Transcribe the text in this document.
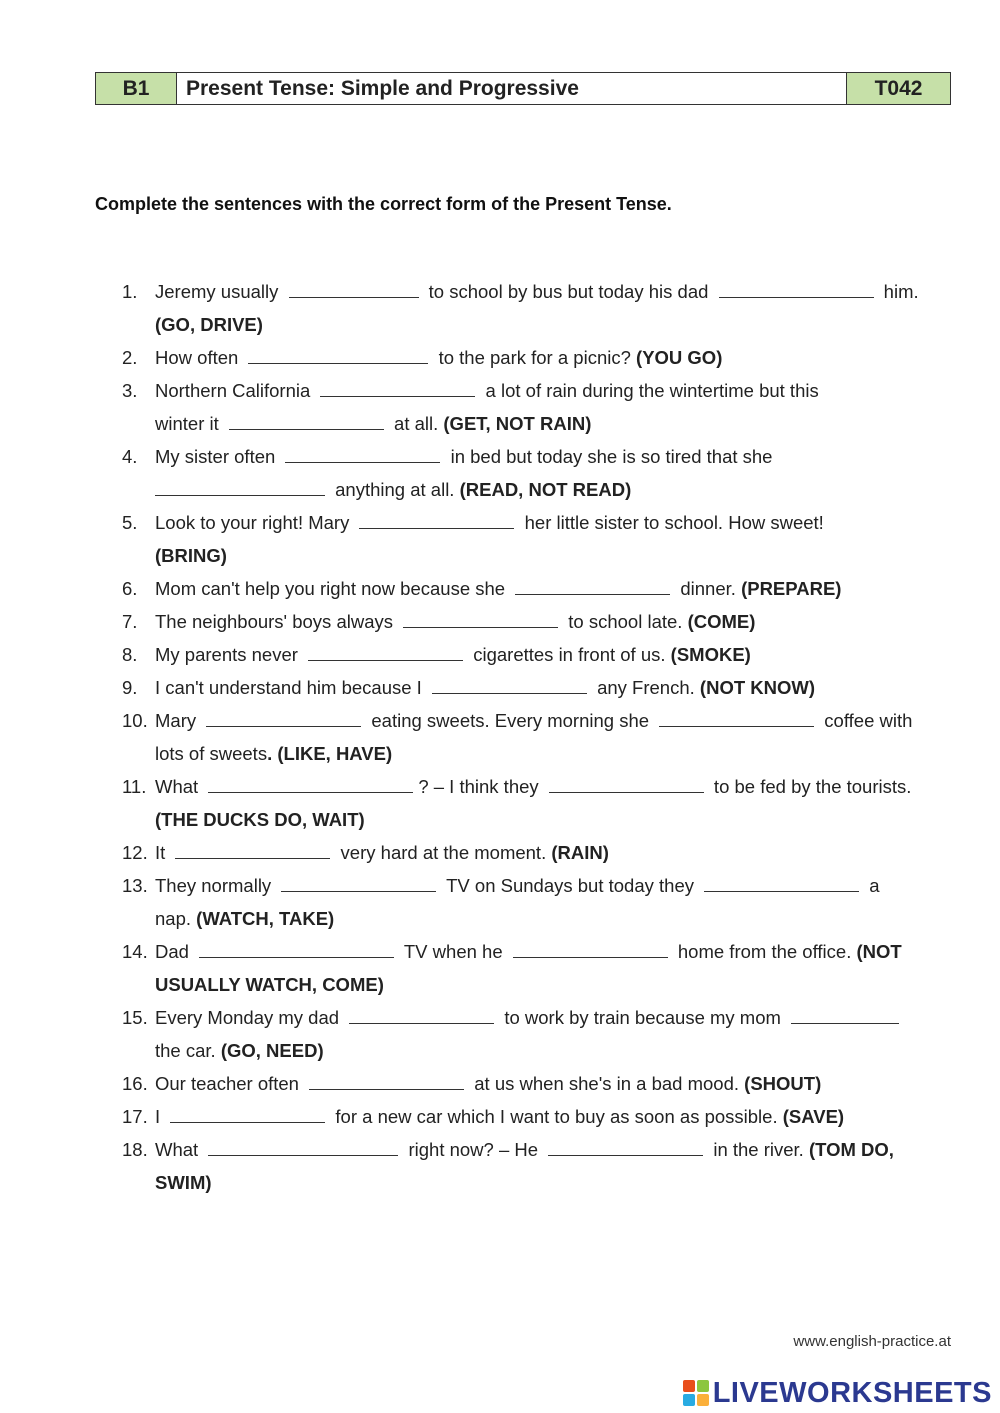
B1	Present Tense: Simple and Progressive	T042
Complete the sentences with the correct form of the Present Tense.
1. Jeremy usually	to school by bus but today his dad	him.
(GO, DRIVE)
2. How often	to the park for a picnic? (YOU GO)
3. Northern California	a lot of rain during the wintertime but this
winter it	at all. (GET, NOT RAIN)
4. My sister often	in bed but today she is so tired that she
anything at all. (READ, NOT READ)
5. Look to your right! Mary	her little sister to school. How sweet!
(BRING)
6. Mom can't help you right now because she	dinner. (PREPARE)
7. The neighbours' boys always	to school late. (COME)
8. My parents never	cigarettes in front of us. (SMOKE)
9. I can't understand him because I	any French. (NOT KNOW)
10. Mary	eating sweets. Every morning she	coffee with
lots of sweets. (LIKE, HAVE)
11. What	? – I think they	to be fed by the tourists.
(THE DUCKS DO, WAIT)
12. It	very hard at the moment. (RAIN)
13. They normally	TV on Sundays but today they	a
nap. (WATCH, TAKE)
14. Dad	TV when he	home from the office. (NOT
USUALLY WATCH, COME)
15. Every Monday my dad	to work by train because my mom
the car. (GO, NEED)
16. Our teacher often	at us when she's in a bad mood. (SHOUT)
17. I	for a new car which I want to buy as soon as possible. (SAVE)
18. What	right now? – He	in the river. (TOM DO,
SWIM)
www.english-practice.at
LIVEWORKSHEETS
